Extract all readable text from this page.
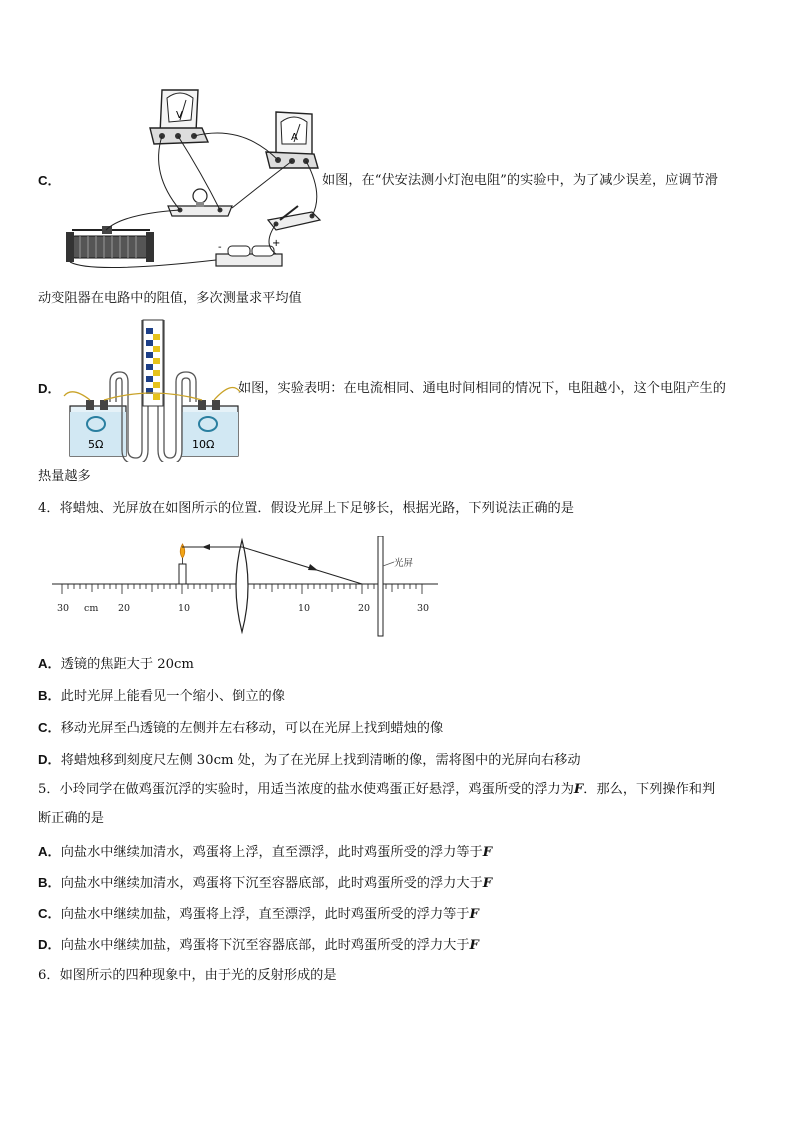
C．
V
A
-	+
如图，在“伏安法测小灯泡电阻”的实验中，为了减少误差，应调节滑
动变阻器在电路中的阻值，多次测量求平均值
D．
5Ω	10Ω
如图，实验表明：在电流相同、通电时间相同的情况下，电阻越小，这个电阻产生的
热量越多
4．将蜡烛、光屏放在如图所示的位置．假设光屏上下足够长，根据光路，下列说法正确的是
30 cm 20	10	10	20	30
光屏
A．透镜的焦距大于 20cm
B．此时光屏上能看见一个缩小、倒立的像
C．移动光屏至凸透镜的左侧并左右移动，可以在光屏上找到蜡烛的像
D．将蜡烛移到刻度尺左侧 30cm 处，为了在光屏上找到清晰的像，需将图中的光屏向右移动
5．小玲同学在做鸡蛋沉浮的实验时，用适当浓度的盐水使鸡蛋正好悬浮，鸡蛋所受的浮力为F．那么，下列操作和判
断正确的是
A．向盐水中继续加清水，鸡蛋将上浮，直至漂浮，此时鸡蛋所受的浮力等于F
B．向盐水中继续加清水，鸡蛋将下沉至容器底部，此时鸡蛋所受的浮力大于F
C．向盐水中继续加盐，鸡蛋将上浮，直至漂浮，此时鸡蛋所受的浮力等于F
D．向盐水中继续加盐，鸡蛋将下沉至容器底部，此时鸡蛋所受的浮力大于F
6．如图所示的四种现象中，由于光的反射形成的是
